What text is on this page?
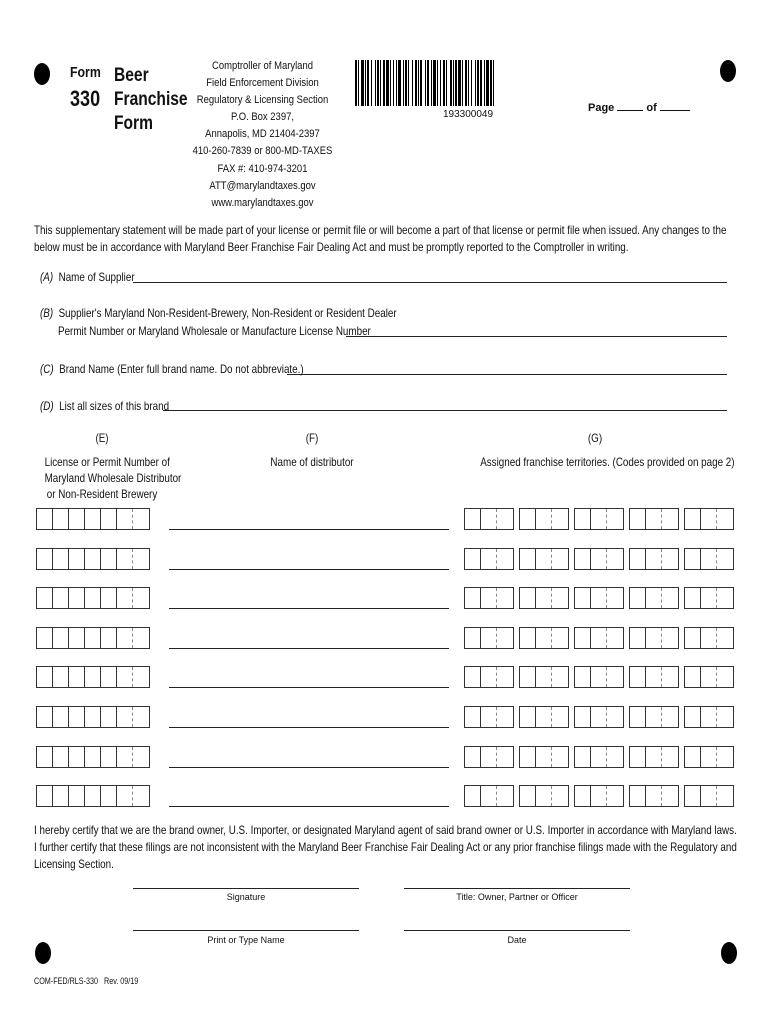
Form
330
Beer
Franchise
Form
Comptroller of Maryland
Field Enforcement Division
Regulatory & Licensing Section
P.O. Box 2397,
Annapolis, MD 21404-2397
410-260-7839 or 800-MD-TAXES
FAX #: 410-974-3201
ATT@marylandtaxes.gov
www.marylandtaxes.gov
193300049
Page	of
This supplementary statement will be made part of your license or permit file or will become a part of that license or permit file when issued. Any changes to the below must be in accordance with Maryland Beer Franchise Fair Dealing Act and must be promptly reported to the Comptroller in writing.
(A) Name of Supplier
(B) Supplier's Maryland Non-Resident-Brewery, Non-Resident or Resident Dealer
Permit Number or Maryland Wholesale or Manufacture License Number
(C) Brand Name (Enter full brand name. Do not abbreviate.)
(D) List all sizes of this brand
(E)
License or Permit Number of
Maryland Wholesale Distributor
or Non-Resident Brewery
(F)
Name of distributor
(G)
Assigned franchise territories. (Codes provided on page 2)
I hereby certify that we are the brand owner, U.S. Importer, or designated Maryland agent of said brand owner or U.S. Importer in accordance with Maryland laws. I further certify that these filings are not inconsistent with the Maryland Beer Franchise Fair Dealing Act or any prior franchise filings made with the Regulatory and Licensing Section.
Signature	Title: Owner, Partner or Officer
Print or Type Name	Date
COM-FED/RLS-330 Rev. 09/19
